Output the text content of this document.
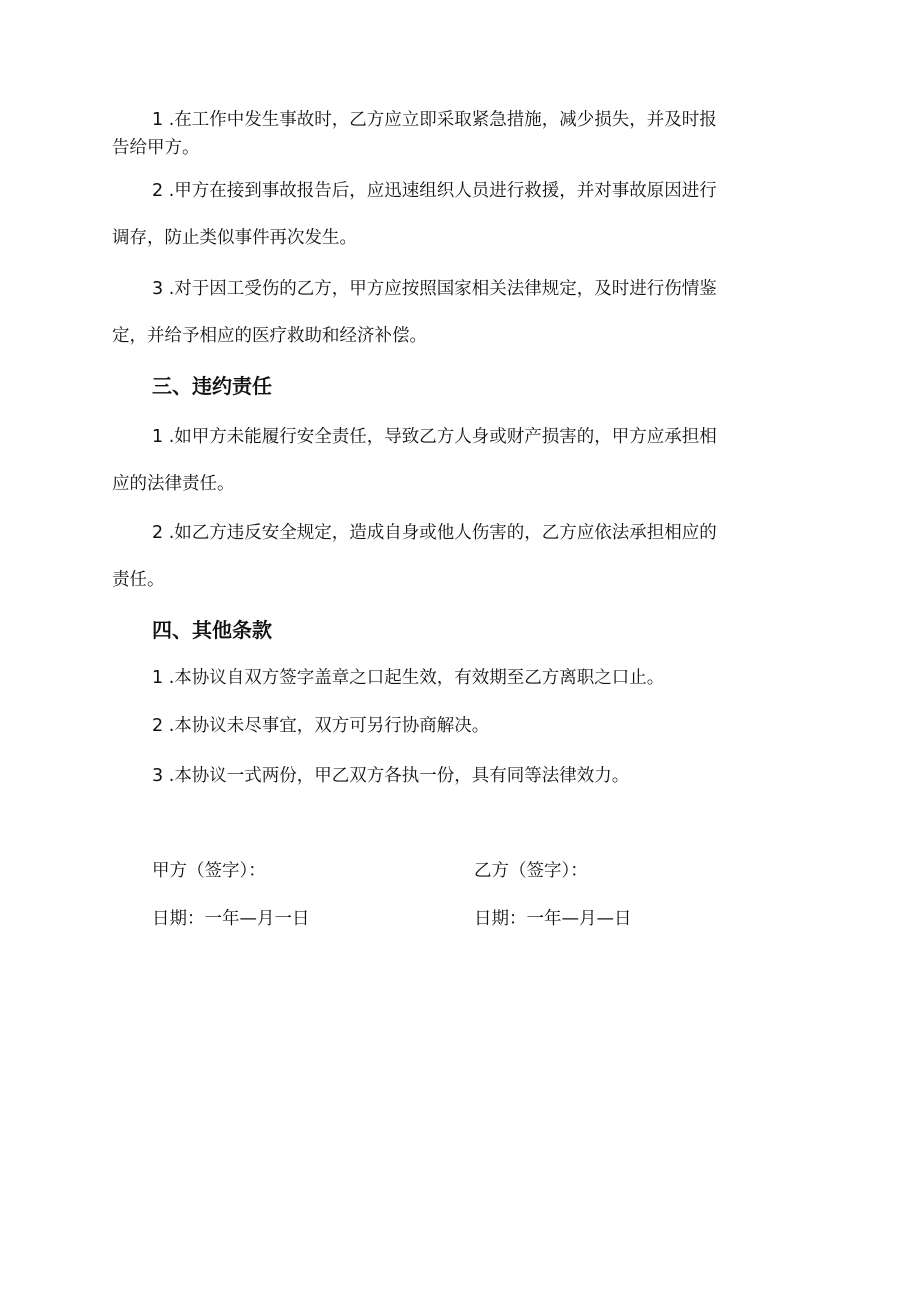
1 .在工作中发生事故时，乙方应立即采取紧急措施，减少损失，并及时报
告给甲方。

2 .甲方在接到事故报告后，应迅速组织人员进行救援，并对事故原因进行
调存，防止类似事件再次发生。

3 .对于因工受伤的乙方，甲方应按照国家相关法律规定，及时进行伤情鉴
定，并给予相应的医疗救助和经济补偿。

三、违约责任

1 .如甲方未能履行安全责任，导致乙方人身或财产损害的，甲方应承担相
应的法律责任。

2 .如乙方违反安全规定，造成自身或他人伤害的，乙方应依法承担相应的
责任。

四、其他条款

1 .本协议自双方签字盖章之口起生效，有效期至乙方离职之口止。

2 .本协议未尽事宜，双方可另行协商解决。

3 .本协议一式两份，甲乙双方各执一份，具有同等法律效力。

甲方（签字）：	乙方（签字）：
日期：一年—月一日	日期：一年—月—日
